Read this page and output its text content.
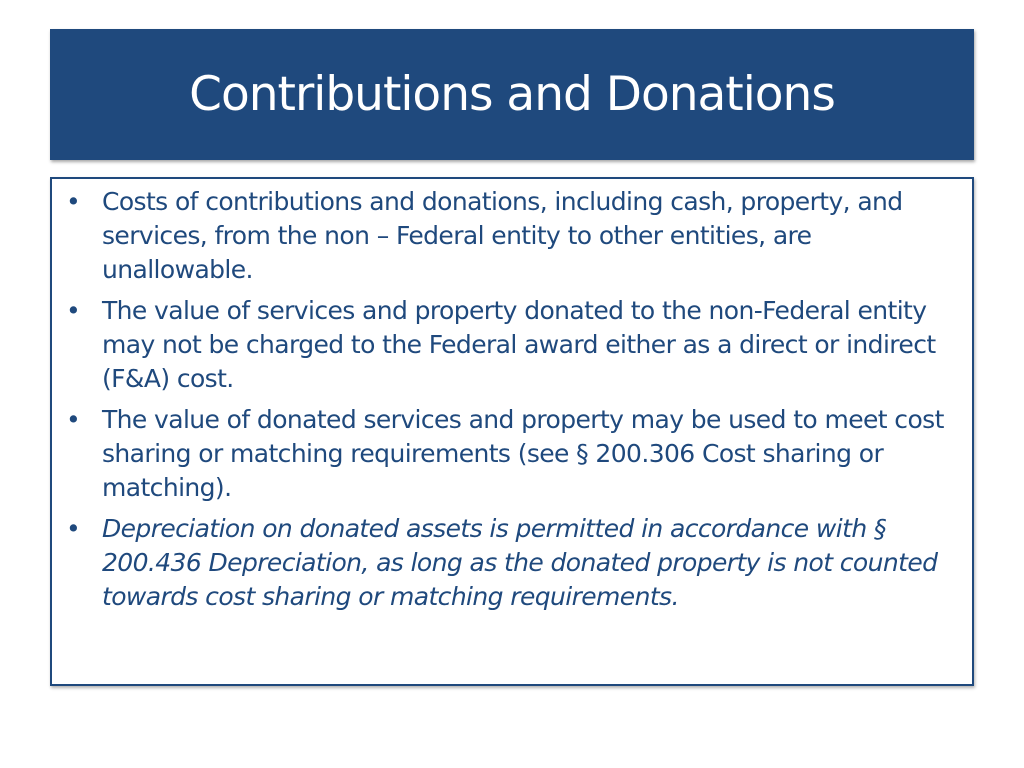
Contributions and Donations
• Costs of contributions and donations, including cash, property, and services, from the non – Federal entity to other entities, are unallowable.
• The value of services and property donated to the non-Federal entity may not be charged to the Federal award either as a direct or indirect (F&A) cost.
• The value of donated services and property may be used to meet cost sharing or matching requirements (see § 200.306 Cost sharing or matching).
• Depreciation on donated assets is permitted in accordance with § 200.436 Depreciation, as long as the donated property is not counted towards cost sharing or matching requirements.
